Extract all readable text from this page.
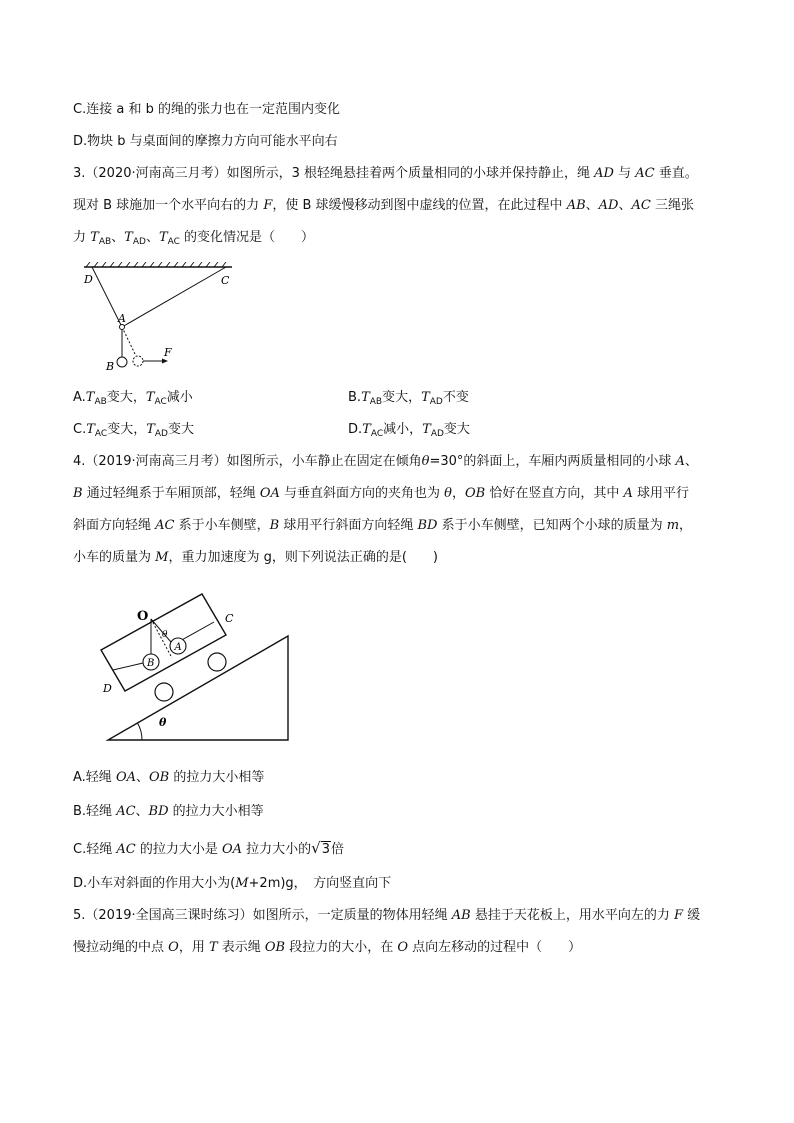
C.连接 a 和 b 的绳的张力也在一定范围内变化
D.物块 b 与桌面间的摩擦力方向可能水平向右
3.（2020·河南高三月考）如图所示，3 根轻绳悬挂着两个质量相同的小球并保持静止，绳 AD 与 AC 垂直。
现对 B 球施加一个水平向右的力 F，使 B 球缓慢移动到图中虚线的位置，在此过程中 AB、AD、AC 三绳张
力 $T_{AB}$、$T_{AD}$、$T_{AC}$ 的变化情况是（　　）
D	C
A
B
F
$A.T_{AB}$变大，$T_{AC}$减小	$B.T_{AB}$变大，$T_{AD}$不变
$C.T_{AC}$变大，$T_{AD}$变大	$D.T_{AC}$减小，$T_{AD}$变大
4.（2019·河南高三月考）如图所示，小车静止在固定在倾角θ=30°的斜面上，车厢内两质量相同的小球 A、
B 通过轻绳系于车厢顶部，轻绳 OA 与垂直斜面方向的夹角也为 θ，OB 恰好在竖直方向，其中 A 球用平行
斜面方向轻绳 AC 系于小车侧壁，B 球用平行斜面方向轻绳 BD 系于小车侧壁，已知两个小球的质量为 m，
小车的质量为 M，重力加速度为 g，则下列说法正确的是(　　)
θ
A
B
θ
O	C
D
A.轻绳 OA、OB 的拉力大小相等
B.轻绳 AC、BD 的拉力大小相等
C.轻绳 AC 的拉力大小是 OA 拉力大小的√3倍
D.小车对斜面的作用大小为(M+2m)g，　方向竖直向下
5.（2019·全国高三课时练习）如图所示，一定质量的物体用轻绳 AB 悬挂于天花板上，用水平向左的力 F 缓
慢拉动绳的中点 O，用 T 表示绳 OB 段拉力的大小，在 O 点向左移动的过程中（　　）
